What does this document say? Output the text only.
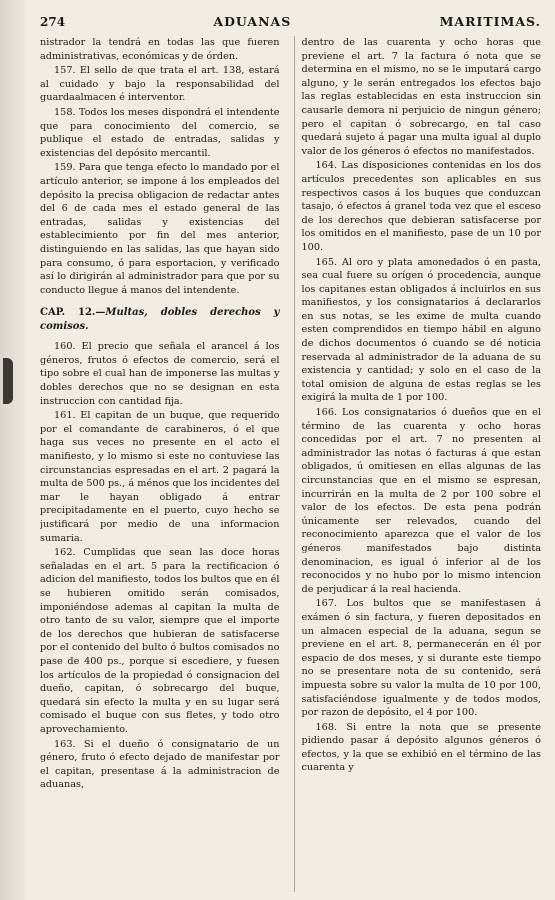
274	ADUANAS	MARITIMAS.

nistrador la tendrá en todas las que fueren administrativas, económicas y de órden.

157. El sello de que trata el art. 138, estará al cuidado y bajo la responsabilidad del guardaalmacen é interventor.

158. Todos los meses dispondrá el intendente que para conocimiento del comercio, se publique el estado de entradas, salidas y existencias del depósito mercantil.

159. Para que tenga efecto lo mandado por el artículo anterior, se impone á los empleados del depósito la precisa obligacion de redactar antes del 6 de cada mes el estado general de las entradas, salidas y existencias del establecimiento por fin del mes anterior, distinguiendo en las salidas, las que hayan sido para consumo, ó para esportacion, y verificado así lo dirigirán al administrador para que por su conducto llegue á manos del intendente.

CAP. 12.—Multas, dobles derechos y comisos.

160. El precio que señala el arancel á los géneros, frutos ó efectos de comercio, será el tipo sobre el cual han de imponerse las multas y dobles derechos que no se designan en esta instruccion con cantidad fija.

161. El capitan de un buque, que requerido por el comandante de carabineros, ó el que haga sus veces no presente en el acto el manifiesto, y lo mismo si este no contuviese las circunstancias espresadas en el art. 2 pagará la multa de 500 ps., á ménos que los incidentes del mar le hayan obligado á entrar precipitadamente en el puerto, cuyo hecho se justificará por medio de una informacion sumaria.

162. Cumplidas que sean las doce horas señaladas en el art. 5 para la rectificacion ó adicion del manifiesto, todos los bultos que en él se hubieren omitido serán comisados, imponiéndose ademas al capitan la multa de otro tanto de su valor, siempre que el importe de los derechos que hubieran de satisfacerse por el contenido del bulto ó bultos comisados no pase de 400 ps., porque si escediere, y fuesen los artículos de la propiedad ó consignacion del dueño, capitan, ó sobrecargo del buque, quedará sin efecto la multa y en su lugar será comisado el buque con sus fletes, y todo otro aprovechamiento.

163. Si el dueño ó consignatario de un género, fruto ó efecto dejado de manifestar por el capitan, presentase á la administracion de aduanas,

dentro de las cuarenta y ocho horas que previene el art. 7 la factura ó nota que se determina en el mismo, no se le imputará cargo alguno, y le serán entregados los efectos bajo las reglas establecidas en esta instruccion sin causarle demora ni perjuicio de ningun género; pero el capitan ó sobrecargo, en tal caso quedará sujeto á pagar una multa igual al duplo valor de los géneros ó efectos no manifestados.

164. Las disposiciones contenidas en los dos artículos precedentes son aplicables en sus respectivos casos á los buques que conduzcan tasajo, ó efectos á granel toda vez que el esceso de los derechos que debieran satisfacerse por los omitidos en el manifiesto, pase de un 10 por 100.

165. Al oro y plata amonedados ó en pasta, sea cual fuere su orígen ó procedencia, aunque los capitanes estan obligados á incluirlos en sus manifiestos, y los consignatarios á declararlos en sus notas, se les exime de multa cuando esten comprendidos en tiempo hábil en alguno de dichos documentos ó cuando se dé noticia reservada al administrador de la aduana de su existencia y cantidad; y solo en el caso de la total omision de alguna de estas reglas se les exigirá la multa de 1 por 100.

166. Los consignatarios ó dueños que en el término de las cuarenta y ocho horas concedidas por el art. 7 no presenten al administrador las notas ó facturas á que estan obligados, ú omitiesen en ellas algunas de las circunstancias que en el mismo se espresan, incurrirán en la multa de 2 por 100 sobre el valor de los efectos. De esta pena podrán únicamente ser relevados, cuando del reconocimiento aparezca que el valor de los géneros manifestados bajo distinta denominacion, es igual ó inferior al de los reconocidos y no hubo por lo mismo intencion de perjudicar á la real hacienda.

167. Los bultos que se manifestasen á exámen ó sin factura, y fueren depositados en un almacen especial de la aduana, segun se previene en el art. 8, permanecerán en él por espacio de dos meses, y si durante este tiempo no se presentare nota de su contenido, será impuesta sobre su valor la multa de 10 por 100, satisfaciéndose igualmente y de todos modos, por razon de depósito, el 4 por 100.

168. Si entre la nota que se presente pidiendo pasar á depósito algunos géneros ó efectos, y la que se exhibió en el término de las cuarenta y
